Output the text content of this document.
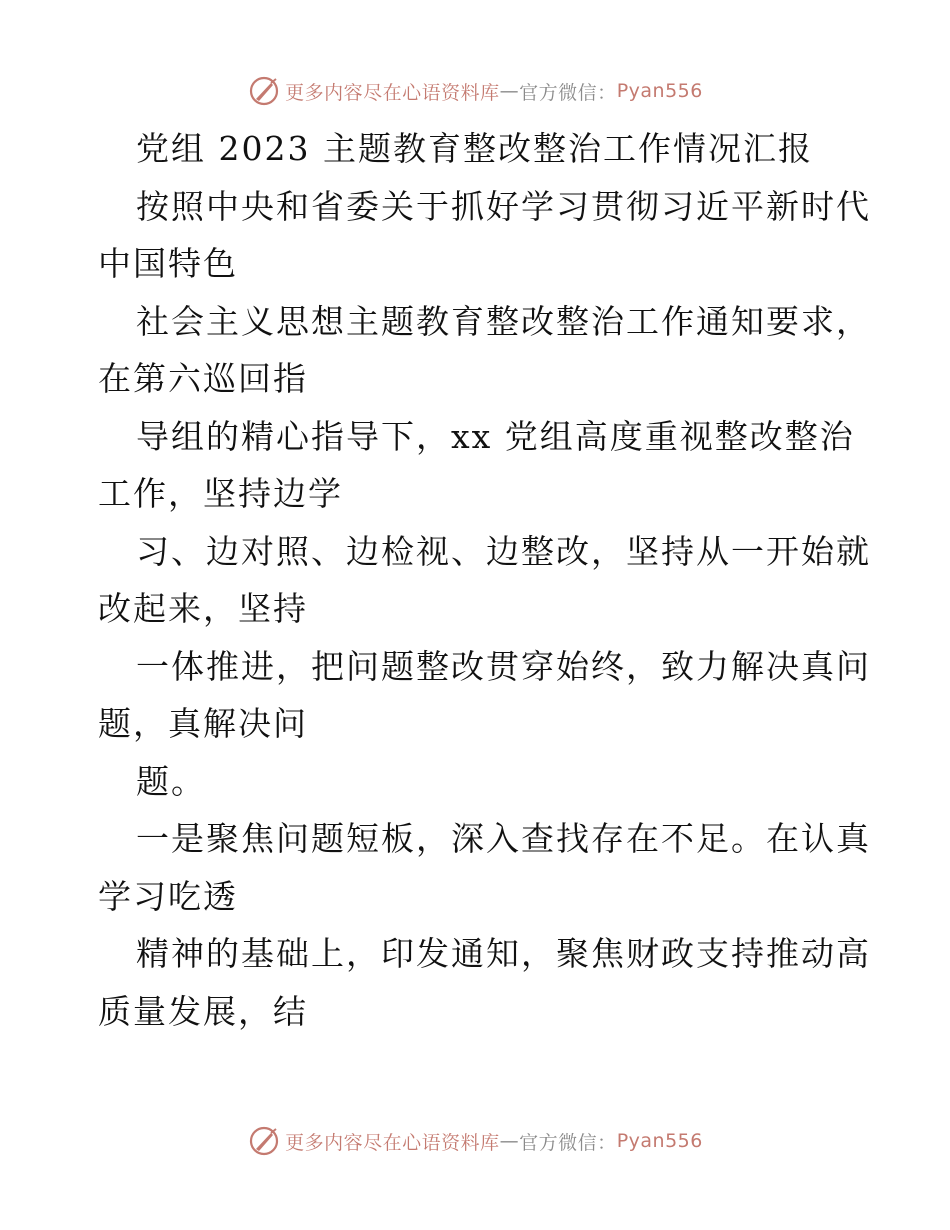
更多内容尽在心语资料库 — 官方微信： Pyan556
党组 2023 主题教育整改整治工作情况汇报
按照中央和省委关于抓好学习贯彻习近平新时代
中国特色
社会主义思想主题教育整改整治工作通知要求，
在第六巡回指
导组的精心指导下，xx 党组高度重视整改整治
工作，坚持边学
习、边对照、边检视、边整改，坚持从一开始就
改起来，坚持
一体推进，把问题整改贯穿始终，致力解决真问
题，真解决问
题。
一是聚焦问题短板，深入查找存在不足。在认真
学习吃透
精神的基础上，印发通知，聚焦财政支持推动高
质量发展，结
更多内容尽在心语资料库 — 官方微信： Pyan556
